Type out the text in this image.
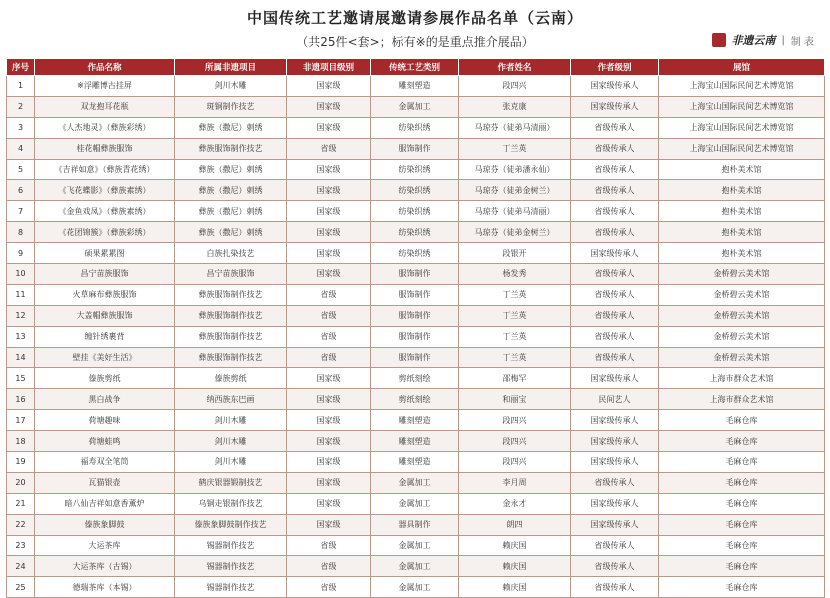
中国传统工艺邀请展邀请参展作品名单（云南）
（共25件<套>；标有※的是重点推介展品）	非遗云南 | 制 表
序号	作品名称	所属非遗项目	非遗项目级别	传统工艺类别	作者姓名	作者级别	展馆
1	※浮雕博古挂屏	剑川木雕	国家级	雕刻塑造	段四兴	国家级传承人	上海宝山国际民间艺术博览馆
2	双龙抱耳花瓶	斑铜制作技艺	国家级	金属加工	张克康	国家级传承人	上海宝山国际民间艺术博览馆
3	《人杰地灵》（彝族彩绣）	彝族（撒尼）刺绣	国家级	纺染织绣	马琼芬（徒弟马清丽）	省级传承人	上海宝山国际民间艺术博览馆
4	桂花帽彝族服饰	彝族服饰制作技艺	省级	服饰制作	丁兰英	省级传承人	上海宝山国际民间艺术博览馆
5	《吉祥如意》（彝族青花绣）	彝族（撒尼）刺绣	国家级	纺染织绣	马琼芬（徒弟潘永仙）	省级传承人	抱朴美术馆
6	《飞花蝶影》（彝族素绣）	彝族（撒尼）刺绣	国家级	纺染织绣	马琼芬（徒弟金树兰）	省级传承人	抱朴美术馆
7	《金鱼戏凤》（彝族素绣）	彝族（撒尼）刺绣	国家级	纺染织绣	马琼芬（徒弟马清丽）	省级传承人	抱朴美术馆
8	《花团锦簇》（彝族彩绣）	彝族（撒尼）刺绣	国家级	纺染织绣	马琼芬（徒弟金树兰）	省级传承人	抱朴美术馆
9	硕果累累图	白族扎染技艺	国家级	纺染织绣	段银开	国家级传承人	抱朴美术馆
10	昌宁苗族服饰	昌宁苗族服饰	国家级	服饰制作	杨发秀	省级传承人	金桥碧云美术馆
11	火草麻布彝族服饰	彝族服饰制作技艺	省级	服饰制作	丁兰英	省级传承人	金桥碧云美术馆
12	大盖帽彝族服饰	彝族服饰制作技艺	省级	服饰制作	丁兰英	省级传承人	金桥碧云美术馆
13	缠针绣裹背	彝族服饰制作技艺	省级	服饰制作	丁兰英	省级传承人	金桥碧云美术馆
14	壁挂《美好生活》	彝族服饰制作技艺	省级	服饰制作	丁兰英	省级传承人	金桥碧云美术馆
15	傣族剪纸	傣族剪纸	国家级	剪纸刻绘	邵梅罕	国家级传承人	上海市群众艺术馆
16	黑白战争	纳西族东巴画	国家级	剪纸刻绘	和丽宝	民间艺人	上海市群众艺术馆
17	荷塘趣味	剑川木雕	国家级	雕刻塑造	段四兴	国家级传承人	毛麻仓库
18	荷塘蛙鸣	剑川木雕	国家级	雕刻塑造	段四兴	国家级传承人	毛麻仓库
19	福寿双全笔筒	剑川木雕	国家级	雕刻塑造	段四兴	国家级传承人	毛麻仓库
20	瓦猫银壶	鹤庆银器锻制技艺	国家级	金属加工	李月周	省级传承人	毛麻仓库
21	暗八仙吉祥如意香薰炉	乌铜走银制作技艺	国家级	金属加工	金永才	国家级传承人	毛麻仓库
22	傣族象脚鼓	傣族象脚鼓制作技艺	国家级	器具制作	朗四	国家级传承人	毛麻仓库
23	大运茶库	锡器制作技艺	省级	金属加工	赖庆国	省级传承人	毛麻仓库
24	大运茶库（古锡）	锡器制作技艺	省级	金属加工	赖庆国	省级传承人	毛麻仓库
25	德瑞茶库（本锡）	锡器制作技艺	省级	金属加工	赖庆国	省级传承人	毛麻仓库
